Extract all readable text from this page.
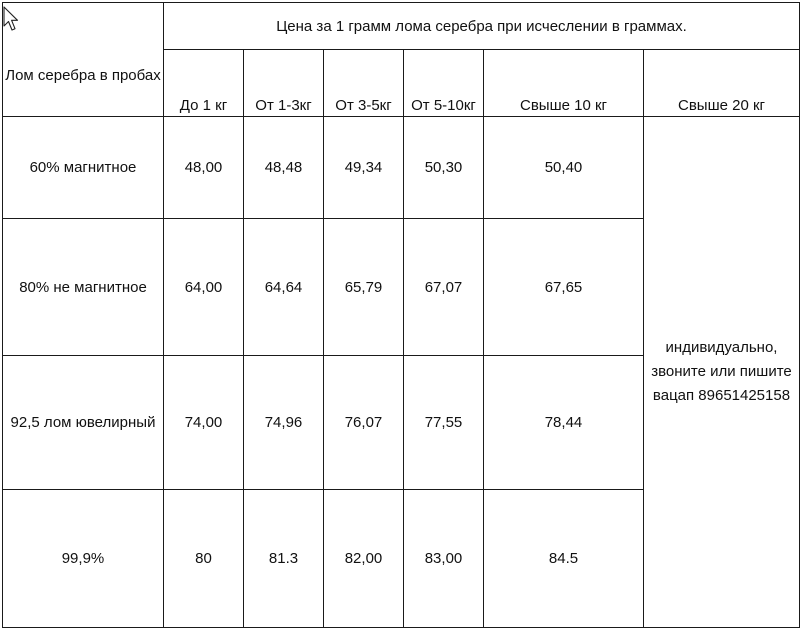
Лом серебра в пробах	Цена за 1 грамм лома серебра при исчеслении в граммах.					
	До 1 кг	От 1-3кг	От 3-5кг	От 5-10кг	Свыше 10 кг	Свыше 20 кг
60% магнитное	48,00	48,48	49,34	50,30	50,40	индивидуально, звоните или пишите вацап 89651425158
80% не магнитное	64,00	64,64	65,79	67,07	67,65	
92,5 лом ювелирный	74,00	74,96	76,07	77,55	78,44	
99,9%	80	81.3	82,00	83,00	84.5	
